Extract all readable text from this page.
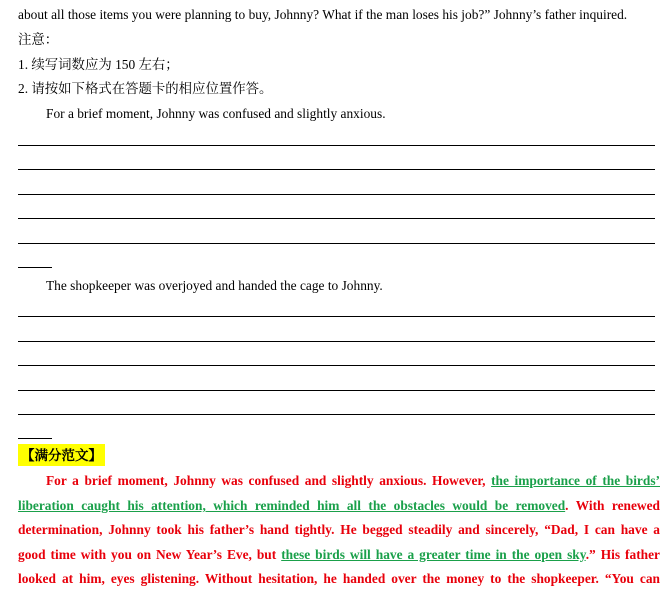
about all those items you were planning to buy, Johnny? What if the man loses his job?” Johnny’s father inquired.
注意：
1. 续写词数应为 150 左右；
2. 请按如下格式在答题卡的相应位置作答。
For a brief moment, Johnny was confused and slightly anxious.
The shopkeeper was overjoyed and handed the cage to Johnny.
【满分范文】
For a brief moment, Johnny was confused and slightly anxious. However, the importance of the birds’
liberation caught his attention, which reminded him all the obstacles would be removed. With renewed
determination, Johnny took his father’s hand tightly. He begged steadily and sincerely, “Dad, I can have a
good time with you on New Year’s Eve, but these birds will have a greater time in the open sky.” His father
looked at him, eyes glistening. Without hesitation, he handed over the money to the shopkeeper. “You can
